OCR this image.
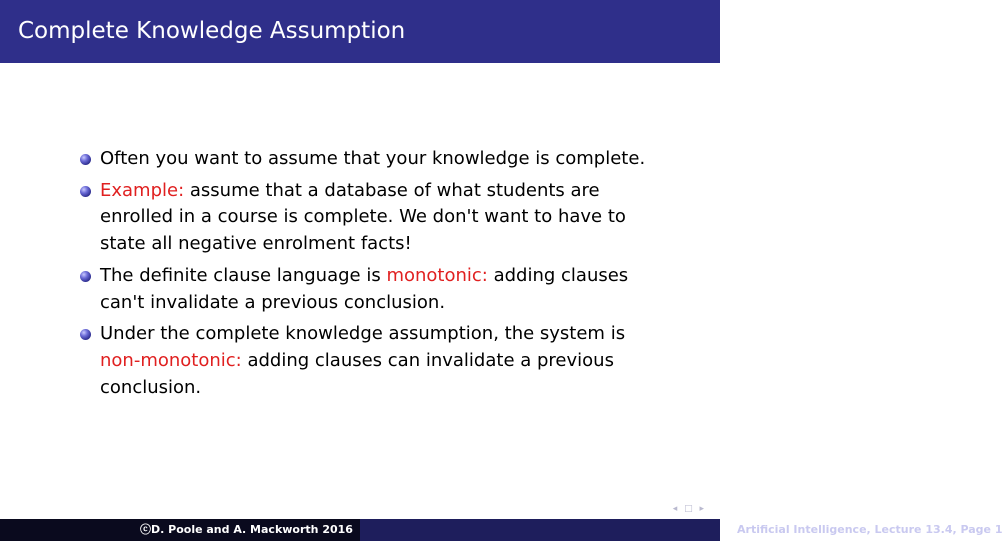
Complete Knowledge Assumption
Often you want to assume that your knowledge is complete.
Example: assume that a database of what students are enrolled in a course is complete. We don't want to have to state all negative enrolment facts!
The definite clause language is monotonic: adding clauses can't invalidate a previous conclusion.
Under the complete knowledge assumption, the system is non-monotonic: adding clauses can invalidate a previous conclusion.
◂ □ ▸
ⓒD. Poole and A. Mackworth 2016	Artificial Intelligence, Lecture 13.4, Page 1
